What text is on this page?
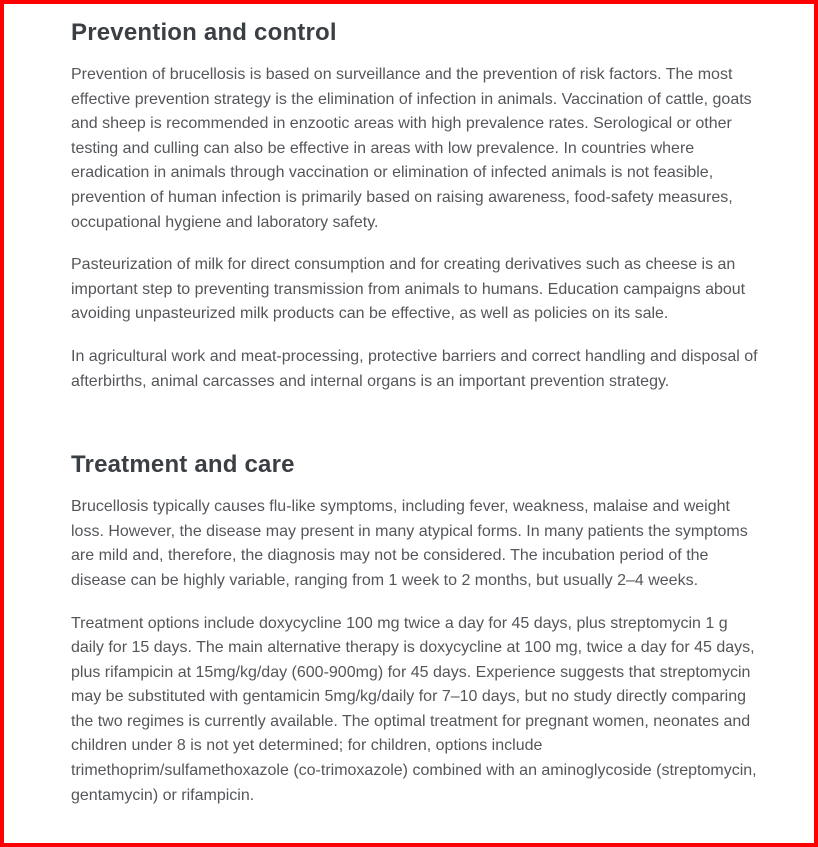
Prevention and control

Prevention of brucellosis is based on surveillance and the prevention of risk factors. The most effective prevention strategy is the elimination of infection in animals. Vaccination of cattle, goats and sheep is recommended in enzootic areas with high prevalence rates. Serological or other testing and culling can also be effective in areas with low prevalence. In countries where eradication in animals through vaccination or elimination of infected animals is not feasible, prevention of human infection is primarily based on raising awareness, food-safety measures, occupational hygiene and laboratory safety.

Pasteurization of milk for direct consumption and for creating derivatives such as cheese is an important step to preventing transmission from animals to humans. Education campaigns about avoiding unpasteurized milk products can be effective, as well as policies on its sale.

In agricultural work and meat-processing, protective barriers and correct handling and disposal of afterbirths, animal carcasses and internal organs is an important prevention strategy.

Treatment and care

Brucellosis typically causes flu-like symptoms, including fever, weakness, malaise and weight loss. However, the disease may present in many atypical forms. In many patients the symptoms are mild and, therefore, the diagnosis may not be considered. The incubation period of the disease can be highly variable, ranging from 1 week to 2 months, but usually 2–4 weeks.

Treatment options include doxycycline 100 mg twice a day for 45 days, plus streptomycin 1 g daily for 15 days. The main alternative therapy is doxycycline at 100 mg, twice a day for 45 days, plus rifampicin at 15mg/kg/day (600-900mg) for 45 days. Experience suggests that streptomycin may be substituted with gentamicin 5mg/kg/daily for 7–10 days, but no study directly comparing the two regimes is currently available. The optimal treatment for pregnant women, neonates and children under 8 is not yet determined; for children, options include trimethoprim/sulfamethoxazole (co-trimoxazole) combined with an aminoglycoside (streptomycin, gentamycin) or rifampicin.
